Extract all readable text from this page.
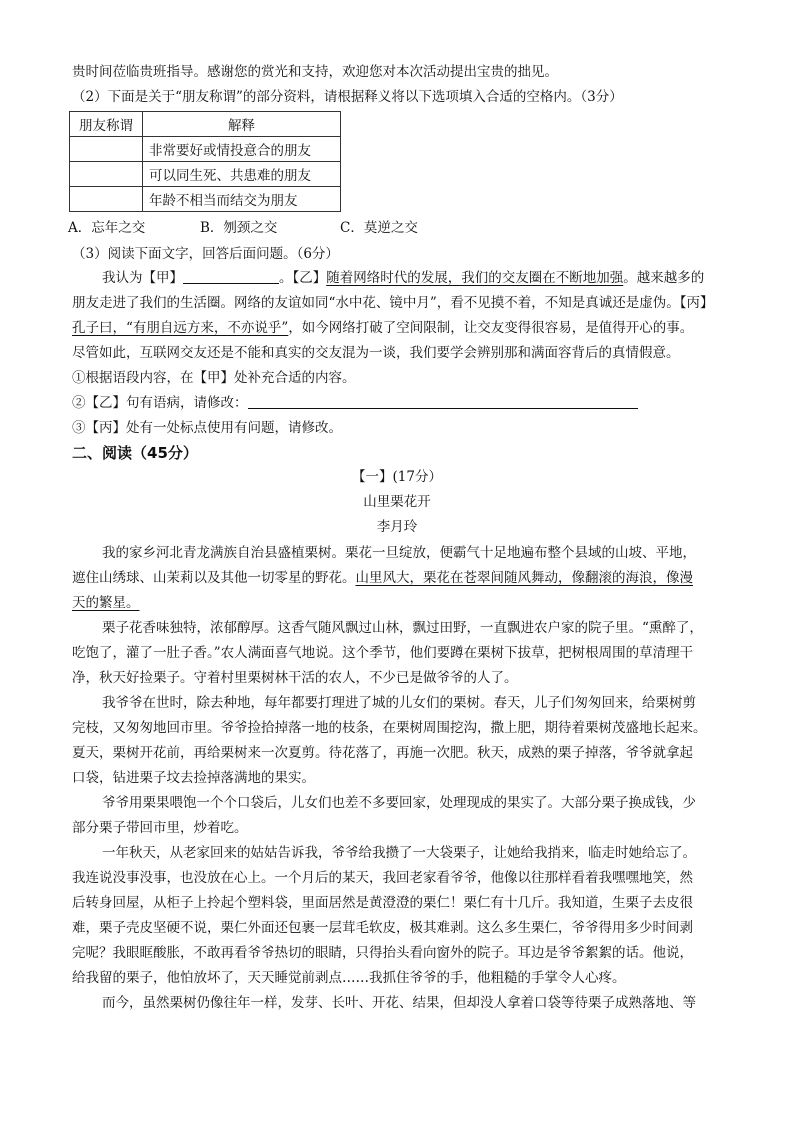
贵时间莅临贵班指导。感谢您的赏光和支持，欢迎您对本次活动提出宝贵的拙见。
（2）下面是关于“朋友称谓”的部分资料，请根据释义将以下选项填入合适的空格内。（3分）
朋友称谓	解释
	非常要好或情投意合的朋友
	可以同生死、共患难的朋友
	年龄不相当而结交为朋友
A．忘年之交	B．刎颈之交	C．莫逆之交
（3）阅读下面文字，回答后面问题。（6分）
我认为【甲】	。【乙】随着网络时代的发展，我们的交友圈在不断地加强。越来越多的
朋友走进了我们的生活圈。网络的友谊如同“水中花、镜中月”，看不见摸不着，不知是真诚还是虚伪。【丙】
孔子曰，“有朋自远方来，不亦说乎”，如今网络打破了空间限制，让交友变得很容易，是值得开心的事。
尽管如此，互联网交友还是不能和真实的交友混为一谈，我们要学会辨别那和满面容背后的真情假意。
①根据语段内容，在【甲】处补充合适的内容。
②【乙】句有语病，请修改：
③【丙】处有一处标点使用有问题，请修改。
二、阅读（45分）
【一】(17分）
山里栗花开
李月玲
我的家乡河北青龙满族自治县盛植栗树。栗花一旦绽放，便霸气十足地遍布整个县域的山坡、平地，
遮住山绣球、山茉莉以及其他一切零星的野花。山里风大，栗花在苍翠间随风舞动，像翻滚的海浪，像漫
天的繁星。
栗子花香味独特，浓郁醇厚。这香气随风飘过山林，飘过田野，一直飘进农户家的院子里。“熏醉了，
吃饱了，灌了一肚子香。”农人满面喜气地说。这个季节，他们要蹲在栗树下拔草，把树根周围的草清理干
净，秋天好捡栗子。守着村里栗树林干活的农人，不少已是做爷爷的人了。
我爷爷在世时，除去种地，每年都要打理进了城的儿女们的栗树。春天，儿子们匆匆回来，给栗树剪
完枝，又匆匆地回市里。爷爷捡拾掉落一地的枝条，在栗树周围挖沟，撒上肥，期待着栗树茂盛地长起来。
夏天，栗树开花前，再给栗树来一次夏剪。待花落了，再施一次肥。秋天，成熟的栗子掉落，爷爷就拿起
口袋，钻进栗子坟去捡掉落满地的果实。
爷爷用栗果喂饱一个个口袋后，儿女们也差不多要回家，处理现成的果实了。大部分栗子换成钱，少
部分栗子带回市里，炒着吃。
一年秋天，从老家回来的姑姑告诉我，爷爷给我攒了一大袋栗子，让她给我捎来，临走时她给忘了。
我连说没事没事，也没放在心上。一个月后的某天，我回老家看爷爷，他像以往那样看着我嘿嘿地笑，然
后转身回屋，从柜子上拎起个塑料袋，里面居然是黄澄澄的栗仁！栗仁有十几斤。我知道，生栗子去皮很
难，栗子壳皮坚硬不说，栗仁外面还包裹一层茸毛软皮，极其难剥。这么多生栗仁，爷爷得用多少时间剥
完呢？我眼眶酸胀，不敢再看爷爷热切的眼睛，只得抬头看向窗外的院子。耳边是爷爷絮絮的话。他说，
给我留的栗子，他怕放坏了，天天睡觉前剥点……我抓住爷爷的手，他粗糙的手掌令人心疼。
而今，虽然栗树仍像往年一样，发芽、长叶、开花、结果，但却没人拿着口袋等待栗子成熟落地、等
